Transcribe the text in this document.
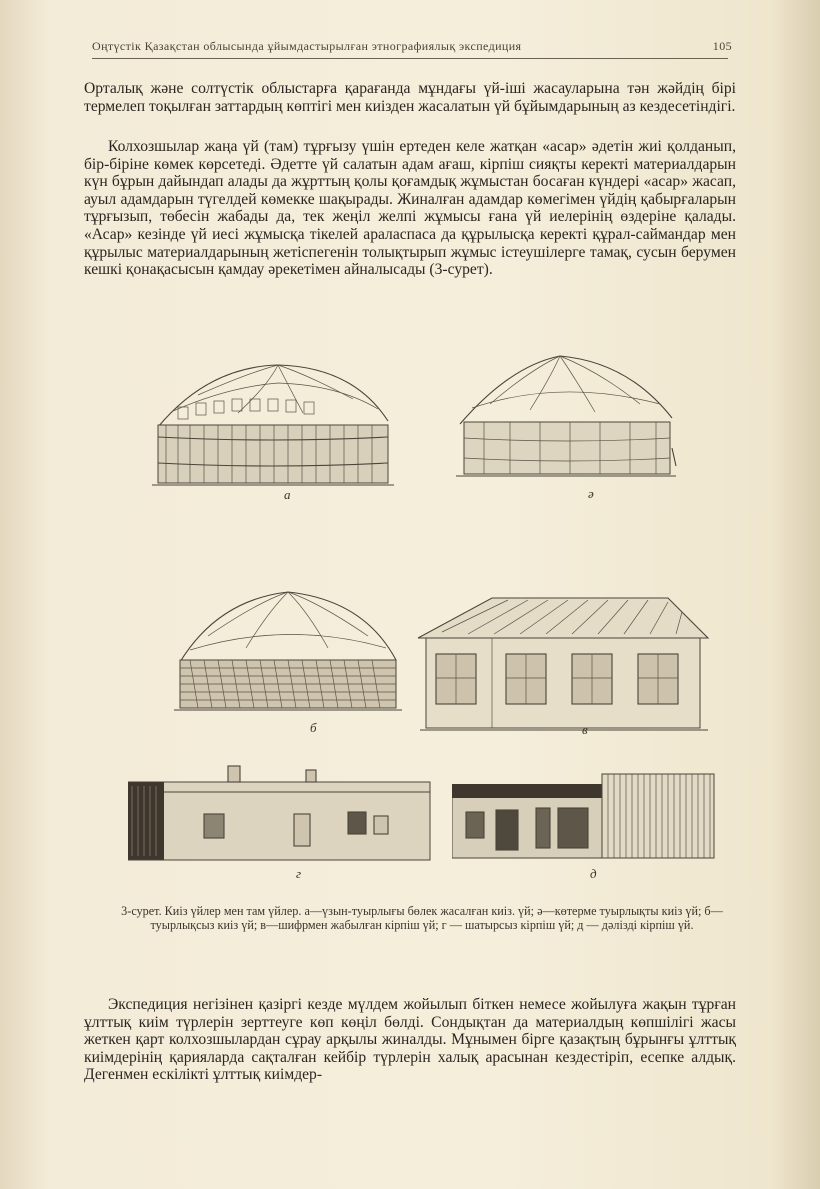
Оңтүстік Қазақстан облысында ұйымдастырылған этнографиялық экспедиция	105

Орталық және солтүстік облыстарға қарағанда мұндағы үй-іші жасауларына тән жәйдің бірі термелеп тоқылған заттардың көптігі мен киізден жасалатын үй бұйымдарының аз кездесетіндігі.

Колхозшылар жаңа үй (там) тұрғызу үшін ертеден келе жатқан «асар» әдетін жиі қолданып, бір-біріне көмек көрсетеді. Әдетте үй салатын адам ағаш, кірпіш сияқты керекті материалдарын күн бұрын дайындап алады да жұрттың қолы қоғамдық жұмыстан босаған күндері «асар» жасап, ауыл адамдарын түгелдей көмекке шақырады. Жиналған адамдар көмегімен үйдің қабырғаларын тұрғызып, төбесін жабады да, тек жеңіл желпі жұмысы ғана үй иелерінің өздеріне қалады. «Асар» кезінде үй иесі жұмысқа тікелей араласпаса да құрылысқа керекті құрал-саймандар мен құрылыс материалдарының жетіспегенін толықтырып жұмыс істеушілерге тамақ, сусын берумен кешкі қонақасысын қамдау әрекетімен айналысады (3-сурет).

а	ә
б	в
г	д
3-сурет. Киіз үйлер мен там үйлер. а—үзын-туырлығы бөлек жасалған киіз. үй; ә—көтерме туырлықты киіз үй; б—туырлықсыз киіз үй; в—шифрмен жабылған кірпіш үй; г — шатырсыз кірпіш үй; д — дәлізді кірпіш үй.

Экспедиция негізінен қазіргі кезде мүлдем жойылып біткен немесе жойылуға жақын тұрған ұлттық киім түрлерін зерттеуге көп көңіл бөлді. Сондықтан да материалдың көпшілігі жасы жеткен қарт колхозшылардан сұрау арқылы жиналды. Мұнымен бірге қазақтың бұрынғы ұлттық киімдерінің қарияларда сақталған кейбір түрлерін халық арасынан кездестіріп, есепке алдық. Дегенмен ескілікті ұлттық киімдер-
